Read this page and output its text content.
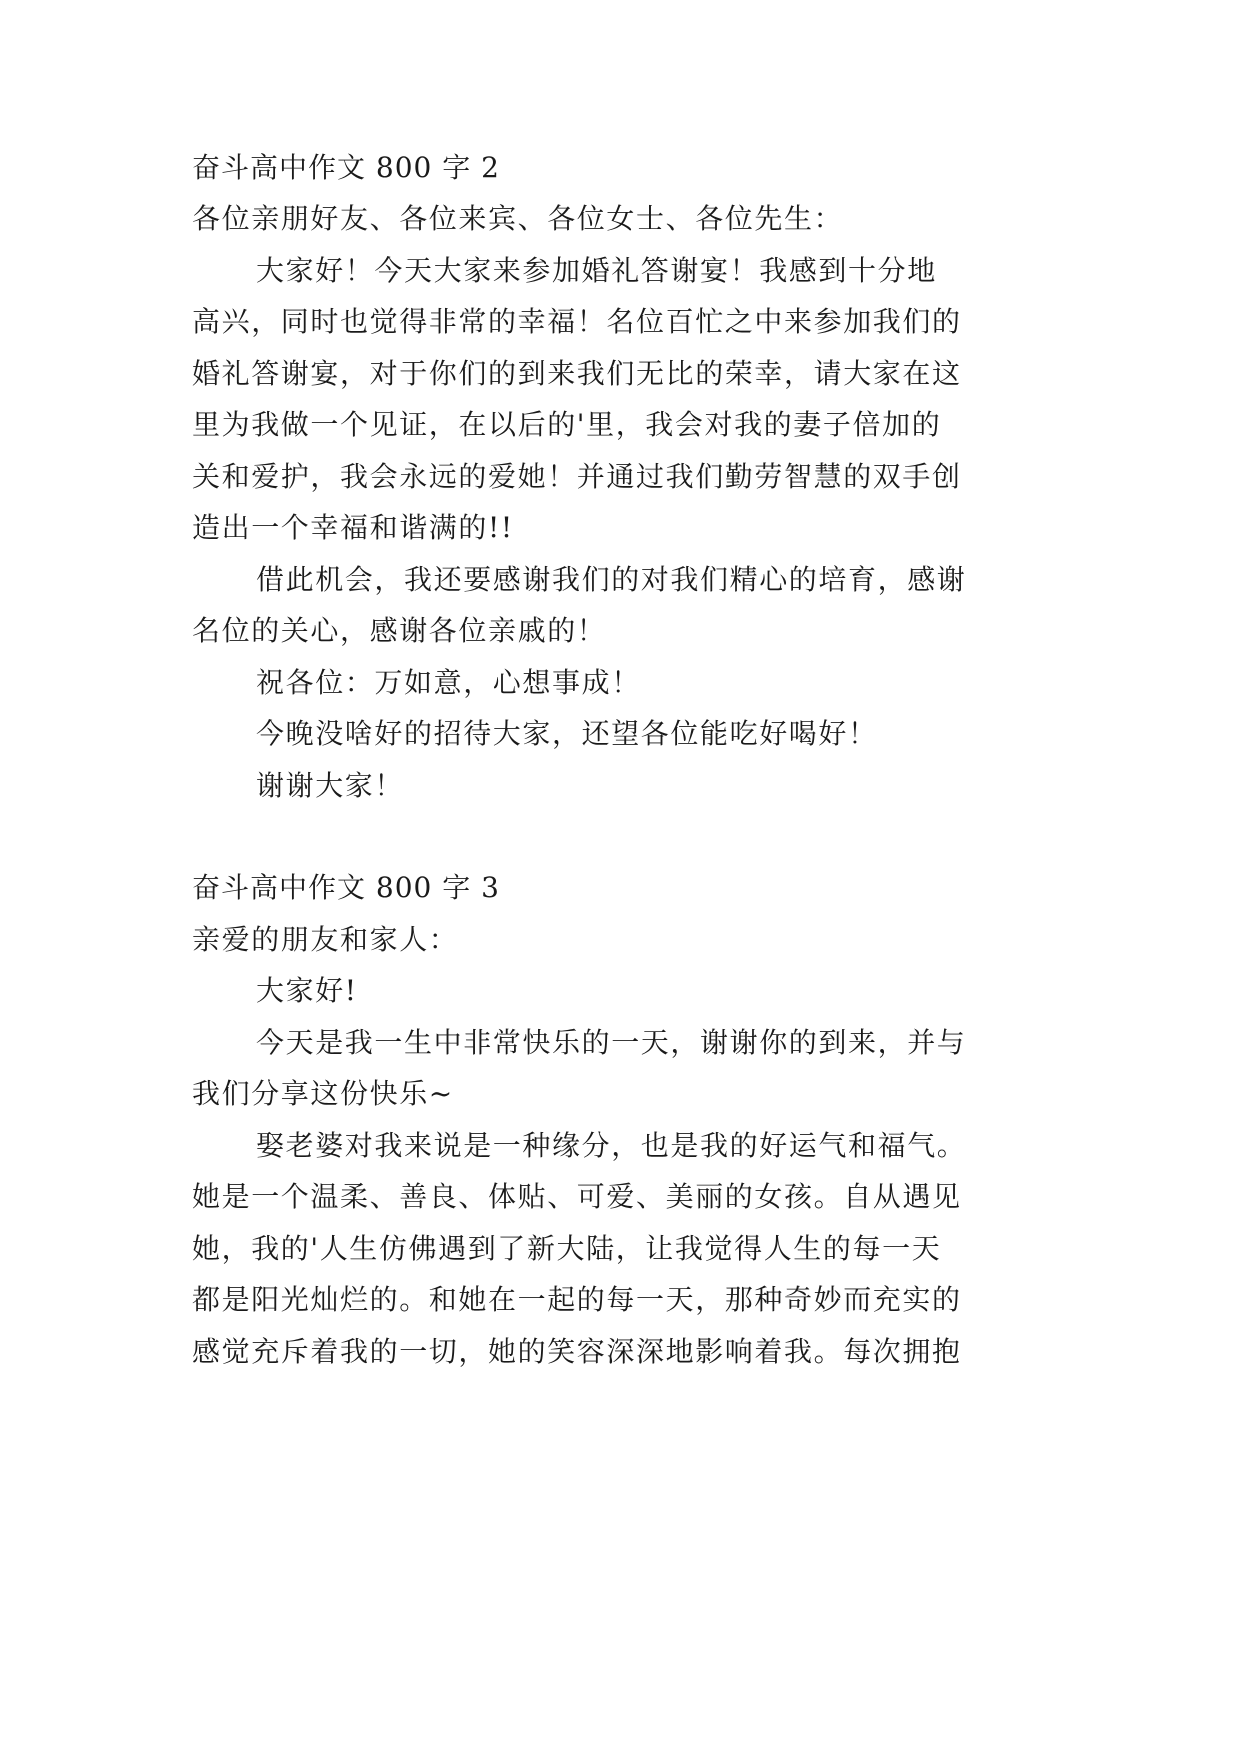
奋斗高中作文 800 字 2
各位亲朋好友、各位来宾、各位女士、各位先生：
大家好！今天大家来参加婚礼答谢宴！我感到十分地
高兴，同时也觉得非常的幸福！名位百忙之中来参加我们的
婚礼答谢宴，对于你们的到来我们无比的荣幸，请大家在这
里为我做一个见证，在以后的'里，我会对我的妻子倍加的
关和爱护，我会永远的爱她！并通过我们勤劳智慧的双手创
造出一个幸福和谐满的!!
借此机会，我还要感谢我们的对我们精心的培育，感谢
名位的关心，感谢各位亲戚的！
祝各位：万如意，心想事成！
今晚没啥好的招待大家，还望各位能吃好喝好！
谢谢大家！
奋斗高中作文 800 字 3
亲爱的朋友和家人：
大家好!
今天是我一生中非常快乐的一天，谢谢你的到来，并与
我们分享这份快乐~
娶老婆对我来说是一种缘分，也是我的好运气和福气。
她是一个温柔、善良、体贴、可爱、美丽的女孩。自从遇见
她，我的'人生仿佛遇到了新大陆，让我觉得人生的每一天
都是阳光灿烂的。和她在一起的每一天，那种奇妙而充实的
感觉充斥着我的一切，她的笑容深深地影响着我。每次拥抱
